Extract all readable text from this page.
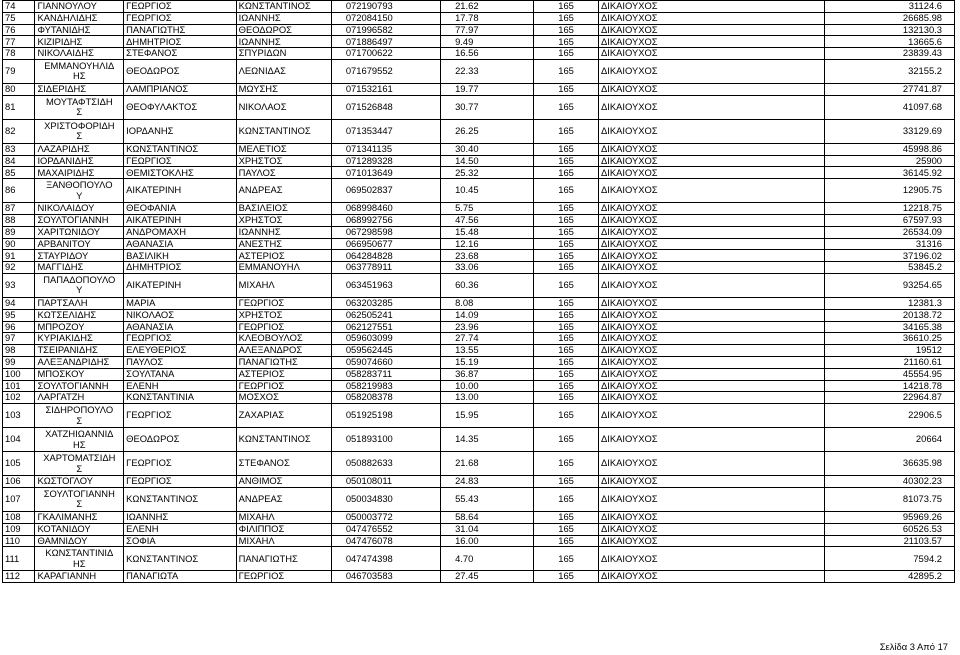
74	ΓΙΑΝΝΟΥΛΟΥ	ΓΕΩΡΓΙΟΣ	ΚΩΝΣΤΑΝΤΙΝΟΣ	072190793	21.62	165	ΔΙΚΑΙΟΥΧΟΣ	31124.6
75	ΚΑΝΔΗΛΙΔΗΣ	ΓΕΩΡΓΙΟΣ	ΙΩΑΝΝΗΣ	072084150	17.78	165	ΔΙΚΑΙΟΥΧΟΣ	26685.98
76	ΦΥΤΑΝΙΔΗΣ	ΠΑΝΑΓΙΩΤΗΣ	ΘΕΟΔΩΡΟΣ	071996582	77.97	165	ΔΙΚΑΙΟΥΧΟΣ	132130.3
77	ΚΙΖΙΡΙΔΗΣ	ΔΗΜΗΤΡΙΟΣ	ΙΩΑΝΝΗΣ	071886497	9.49	165	ΔΙΚΑΙΟΥΧΟΣ	13665.6
78	ΝΙΚΟΛΑΙΔΗΣ	ΣΤΕΦΑΝΟΣ	ΣΠΥΡΙΔΩΝ	071700622	16.56	165	ΔΙΚΑΙΟΥΧΟΣ	23839.43
79	ΕΜΜΑΝΟΥΗΛΙΔ
ΗΣ	ΘΕΟΔΩΡΟΣ	ΛΕΩΝΙΔΑΣ	071679552	22.33	165	ΔΙΚΑΙΟΥΧΟΣ	32155.2
80	ΣΙΔΕΡΙΔΗΣ	ΛΑΜΠΡΙΑΝΟΣ	ΜΩΥΣΗΣ	071532161	19.77	165	ΔΙΚΑΙΟΥΧΟΣ	27741.87
81	ΜΟΥΤΑΦΤΣΙΔΗ
Σ	ΘΕΟΦΥΛΑΚΤΟΣ	ΝΙΚΟΛΑΟΣ	071526848	30.77	165	ΔΙΚΑΙΟΥΧΟΣ	41097.68
82	ΧΡΙΣΤΟΦΟΡΙΔΗ
Σ	ΙΟΡΔΑΝΗΣ	ΚΩΝΣΤΑΝΤΙΝΟΣ	071353447	26.25	165	ΔΙΚΑΙΟΥΧΟΣ	33129.69
83	ΛΑΖΑΡΙΔΗΣ	ΚΩΝΣΤΑΝΤΙΝΟΣ	ΜΕΛΕΤΙΟΣ	071341135	30.40	165	ΔΙΚΑΙΟΥΧΟΣ	45998.86
84	ΙΟΡΔΑΝΙΔΗΣ	ΓΕΩΡΓΙΟΣ	ΧΡΗΣΤΟΣ	071289328	14.50	165	ΔΙΚΑΙΟΥΧΟΣ	25900
85	ΜΑΧΑΙΡΙΔΗΣ	ΘΕΜΙΣΤΟΚΛΗΣ	ΠΑΥΛΟΣ	071013649	25.32	165	ΔΙΚΑΙΟΥΧΟΣ	36145.92
86	ΞΑΝΘΟΠΟΥΛΟ
Υ	ΑΙΚΑΤΕΡΙΝΗ	ΑΝΔΡΕΑΣ	069502837	10.45	165	ΔΙΚΑΙΟΥΧΟΣ	12905.75
87	ΝΙΚΟΛΑΙΔΟΥ	ΘΕΟΦΑΝΙΑ	ΒΑΣΙΛΕΙΟΣ	068998460	5.75	165	ΔΙΚΑΙΟΥΧΟΣ	12218.75
88	ΣΟΥΛΤΟΓΙΑΝΝΗ	ΑΙΚΑΤΕΡΙΝΗ	ΧΡΗΣΤΟΣ	068992756	47.56	165	ΔΙΚΑΙΟΥΧΟΣ	67597.93
89	ΧΑΡΙΤΩΝΙΔΟΥ	ΑΝΔΡΟΜΑΧΗ	ΙΩΑΝΝΗΣ	067298598	15.48	165	ΔΙΚΑΙΟΥΧΟΣ	26534.09
90	ΑΡΒΑΝΙΤΟΥ	ΑΘΑΝΑΣΙΑ	ΑΝΕΣΤΗΣ	066950677	12.16	165	ΔΙΚΑΙΟΥΧΟΣ	31316
91	ΣΤΑΥΡΙΔΟΥ	ΒΑΣΙΛΙΚΗ	ΑΣΤΕΡΙΟΣ	064284828	23.68	165	ΔΙΚΑΙΟΥΧΟΣ	37196.02
92	ΜΑΓΓΙΔΗΣ	ΔΗΜΗΤΡΙΟΣ	ΕΜΜΑΝΟΥΗΛ	063778911	33.06	165	ΔΙΚΑΙΟΥΧΟΣ	53845.2
93	ΠΑΠΑΔΟΠΟΥΛΟ
Υ	ΑΙΚΑΤΕΡΙΝΗ	ΜΙΧΑΗΛ	063451963	60.36	165	ΔΙΚΑΙΟΥΧΟΣ	93254.65
94	ΠΑΡΤΣΑΛΗ	ΜΑΡΙΑ	ΓΕΩΡΓΙΟΣ	063203285	8.08	165	ΔΙΚΑΙΟΥΧΟΣ	12381.3
95	ΚΩΤΣΕΛΙΔΗΣ	ΝΙΚΟΛΑΟΣ	ΧΡΗΣΤΟΣ	062505241	14.09	165	ΔΙΚΑΙΟΥΧΟΣ	20138.72
96	ΜΠΡΟΖΟΥ	ΑΘΑΝΑΣΙΑ	ΓΕΩΡΓΙΟΣ	062127551	23.96	165	ΔΙΚΑΙΟΥΧΟΣ	34165.38
97	ΚΥΡΙΑΚΙΔΗΣ	ΓΕΩΡΓΙΟΣ	ΚΛΕΟΒΟΥΛΟΣ	059603099	27.74	165	ΔΙΚΑΙΟΥΧΟΣ	36610.25
98	ΤΣΕΙΡΑΝΙΔΗΣ	ΕΛΕΥΘΕΡΙΟΣ	ΑΛΕΞΑΝΔΡΟΣ	059562445	13.55	165	ΔΙΚΑΙΟΥΧΟΣ	19512
99	ΑΛΕΞΑΝΔΡΙΔΗΣ	ΠΑΥΛΟΣ	ΠΑΝΑΓΙΩΤΗΣ	059074660	15.19	165	ΔΙΚΑΙΟΥΧΟΣ	21160.61
100	ΜΠΟΣΚΟΥ	ΣΟΥΛΤΑΝΑ	ΑΣΤΕΡΙΟΣ	058283711	36.87	165	ΔΙΚΑΙΟΥΧΟΣ	45554.95
101	ΣΟΥΛΤΟΓΙΑΝΝΗ	ΕΛΕΝΗ	ΓΕΩΡΓΙΟΣ	058219983	10.00	165	ΔΙΚΑΙΟΥΧΟΣ	14218.78
102	ΛΑΡΓΑΤΖΗ	ΚΩΝΣΤΑΝΤΙΝΙΑ	ΜΟΣΧΟΣ	058208378	13.00	165	ΔΙΚΑΙΟΥΧΟΣ	22964.87
103	ΣΙΔΗΡΟΠΟΥΛΟ
Σ	ΓΕΩΡΓΙΟΣ	ΖΑΧΑΡΙΑΣ	051925198	15.95	165	ΔΙΚΑΙΟΥΧΟΣ	22906.5
104	ΧΑΤΖΗΙΩΑΝΝΙΔ
ΗΣ	ΘΕΟΔΩΡΟΣ	ΚΩΝΣΤΑΝΤΙΝΟΣ	051893100	14.35	165	ΔΙΚΑΙΟΥΧΟΣ	20664
105	ΧΑΡΤΟΜΑΤΣΙΔΗ
Σ	ΓΕΩΡΓΙΟΣ	ΣΤΕΦΑΝΟΣ	050882633	21.68	165	ΔΙΚΑΙΟΥΧΟΣ	36635.98
106	ΚΩΣΤΟΓΛΟΥ	ΓΕΩΡΓΙΟΣ	ΑΝΘΙΜΟΣ	050108011	24.83	165	ΔΙΚΑΙΟΥΧΟΣ	40302.23
107	ΣΟΥΛΤΟΓΙΑΝΝΗ
Σ	ΚΩΝΣΤΑΝΤΙΝΟΣ	ΑΝΔΡΕΑΣ	050034830	55.43	165	ΔΙΚΑΙΟΥΧΟΣ	81073.75
108	ΓΚΑΛΙΜΑΝΗΣ	ΙΩΑΝΝΗΣ	ΜΙΧΑΗΛ	050003772	58.64	165	ΔΙΚΑΙΟΥΧΟΣ	95969.26
109	ΚΟΤΑΝΙΔΟΥ	ΕΛΕΝΗ	ΦΙΛΙΠΠΟΣ	047476552	31.04	165	ΔΙΚΑΙΟΥΧΟΣ	60526.53
110	ΘΑΜΝΙΔΟΥ	ΣΟΦΙΑ	ΜΙΧΑΗΛ	047476078	16.00	165	ΔΙΚΑΙΟΥΧΟΣ	21103.57
111	ΚΩΝΣΤΑΝΤΙΝΙΔ
ΗΣ	ΚΩΝΣΤΑΝΤΙΝΟΣ	ΠΑΝΑΓΙΩΤΗΣ	047474398	4.70	165	ΔΙΚΑΙΟΥΧΟΣ	7594.2
112	ΚΑΡΑΓΙΑΝΝΗ	ΠΑΝΑΓΙΩΤΑ	ΓΕΩΡΓΙΟΣ	046703583	27.45	165	ΔΙΚΑΙΟΥΧΟΣ	42895.2
Σελίδα 3 Από 17
